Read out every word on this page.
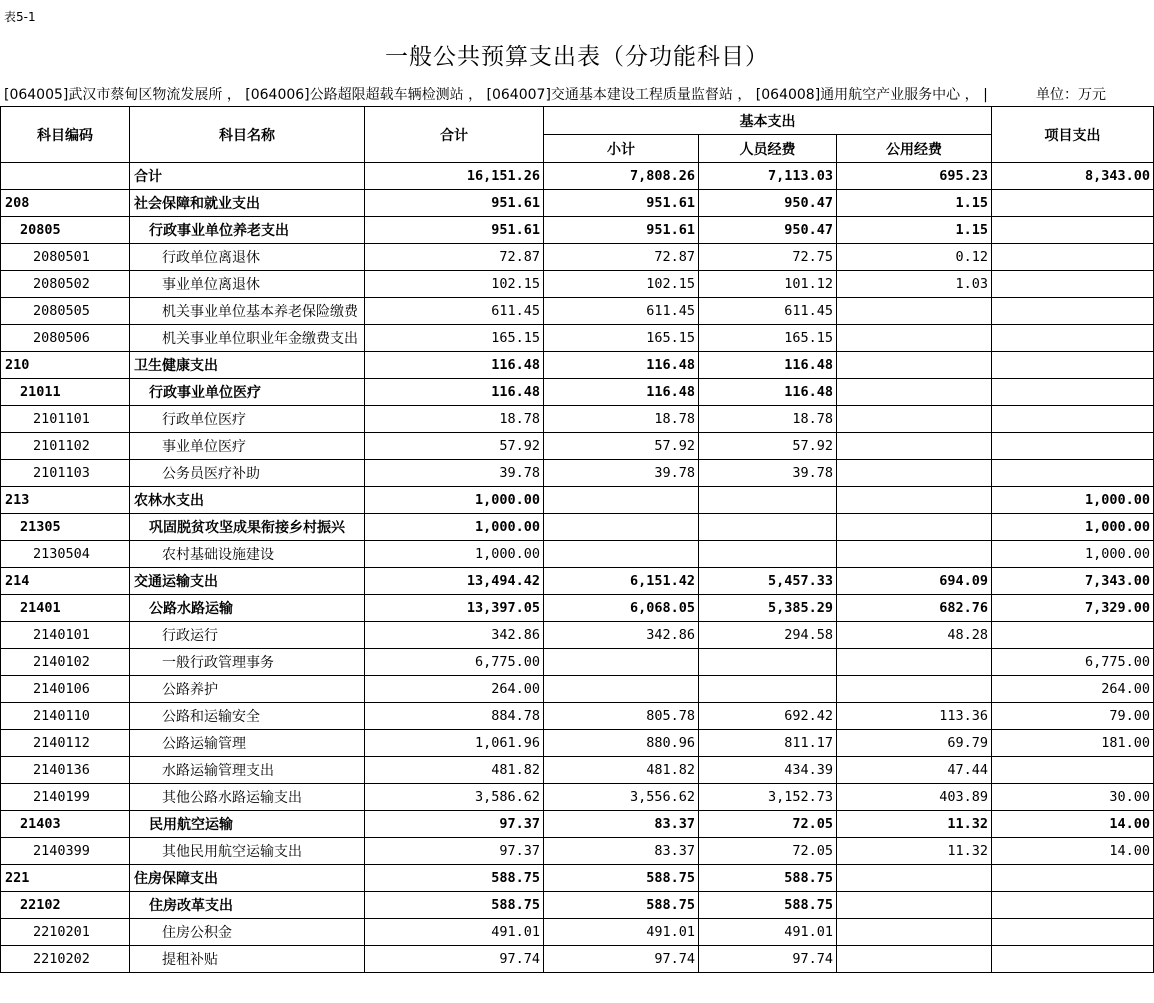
表5-1
一般公共预算支出表（分功能科目）
[064005]武汉市蔡甸区物流发展所 ， [064006]公路超限超载车辆检测站 ， [064007]交通基本建设工程质量监督站 ， [064008]通用航空产业服务中心 ， |	单位：万元
科目编码	科目名称	合计	基本支出			项目支出
			小计	人员经费	公用经费	
	合计	16,151.26	7,808.26	7,113.03	695.23	8,343.00
208	社会保障和就业支出	951.61	951.61	950.47	1.15	
20805	行政事业单位养老支出	951.61	951.61	950.47	1.15	
2080501	行政单位离退休	72.87	72.87	72.75	0.12	
2080502	事业单位离退休	102.15	102.15	101.12	1.03	
2080505	机关事业单位基本养老保险缴费	611.45	611.45	611.45		
2080506	机关事业单位职业年金缴费支出	165.15	165.15	165.15		
210	卫生健康支出	116.48	116.48	116.48		
21011	行政事业单位医疗	116.48	116.48	116.48		
2101101	行政单位医疗	18.78	18.78	18.78		
2101102	事业单位医疗	57.92	57.92	57.92		
2101103	公务员医疗补助	39.78	39.78	39.78		
213	农林水支出	1,000.00				1,000.00
21305	巩固脱贫攻坚成果衔接乡村振兴	1,000.00				1,000.00
2130504	农村基础设施建设	1,000.00				1,000.00
214	交通运输支出	13,494.42	6,151.42	5,457.33	694.09	7,343.00
21401	公路水路运输	13,397.05	6,068.05	5,385.29	682.76	7,329.00
2140101	行政运行	342.86	342.86	294.58	48.28	
2140102	一般行政管理事务	6,775.00				6,775.00
2140106	公路养护	264.00				264.00
2140110	公路和运输安全	884.78	805.78	692.42	113.36	79.00
2140112	公路运输管理	1,061.96	880.96	811.17	69.79	181.00
2140136	水路运输管理支出	481.82	481.82	434.39	47.44	
2140199	其他公路水路运输支出	3,586.62	3,556.62	3,152.73	403.89	30.00
21403	民用航空运输	97.37	83.37	72.05	11.32	14.00
2140399	其他民用航空运输支出	97.37	83.37	72.05	11.32	14.00
221	住房保障支出	588.75	588.75	588.75		
22102	住房改革支出	588.75	588.75	588.75		
2210201	住房公积金	491.01	491.01	491.01		
2210202	提租补贴	97.74	97.74	97.74		
